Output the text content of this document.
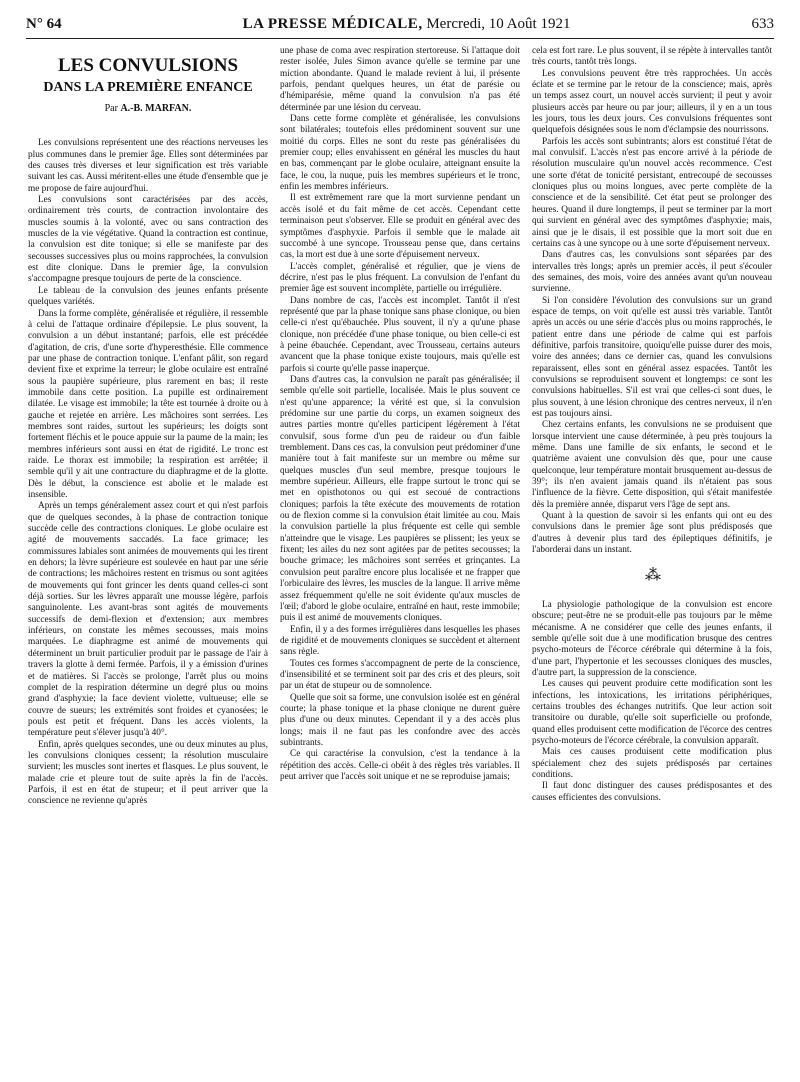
N° 64	LA PRESSE MÉDICALE, Mercredi, 10 Août 1921	633
LES CONVULSIONS
DANS LA PREMIÈRE ENFANCE
Par A.-B. MARFAN.

Les convulsions représentent une des réactions nerveuses les plus communes dans le premier âge. Elles sont déterminées par des causes très diverses et leur signification est très variable suivant les cas. Aussi méritent-elles une étude d'ensemble que je me propose de faire aujourd'hui.

Les convulsions sont caractérisées par des accès, ordinairement très courts, de contraction involontaire des muscles soumis à la volonté, avec ou sans contraction des muscles de la vie végétative. Quand la contraction est continue, la convulsion est dite tonique; si elle se manifeste par des secousses successives plus ou moins rapprochées, la convulsion est dite clonique. Dans le premier âge, la convulsion s'accompagne presque toujours de perte de la conscience.

Le tableau de la convulsion des jeunes enfants présente quelques variétés.

Dans la forme complète, généralisée et régulière, il ressemble à celui de l'attaque ordinaire d'épilepsie. Le plus souvent, la convulsion a un début instantané; parfois, elle est précédée d'agitation, de cris, d'une sorte d'hyperesthésie. Elle commence par une phase de contraction tonique. L'enfant pâlit, son regard devient fixe et exprime la terreur; le globe oculaire est entraîné sous la paupière supérieure, plus rarement en bas; il reste immobile dans cette position. La pupille est ordinairement dilatée. Le visage est immobile; la tête est tournée à droite ou à gauche et rejetée en arrière. Les mâchoires sont serrées. Les membres sont raides, surtout les supérieurs; les doigts sont fortement fléchis et le pouce appuie sur la paume de la main; les membres inférieurs sont aussi en état de rigidité. Le tronc est raide. Le thorax est immobile; la respiration est arrêtée; il semble qu'il y ait une contracture du diaphragme et de la glotte. Dès le début, la conscience est abolie et le malade est insensible.

Après un temps généralement assez court et qui n'est parfois que de quelques secondes, à la phase de contraction tonique succède celle des contractions cloniques. Le globe oculaire est agité de mouvements saccadés. La face grimace; les commissures labiales sont animées de mouvements qui les tirent en dehors; la lèvre supérieure est soulevée en haut par une série de contractions; les mâchoires restent en trismus ou sont agitées de mouvements qui font grincer les dents quand celles-ci sont déjà sorties. Sur les lèvres apparaît une mousse légère, parfois sanguinolente. Les avant-bras sont agités de mouvements successifs de demi-flexion et d'extension; aux membres inférieurs, on constate les mêmes secousses, mais moins marquées. Le diaphragme est animé de mouvements qui déterminent un bruit particulier produit par le passage de l'air à travers la glotte à demi fermée. Parfois, il y a émission d'urines et de matières. Si l'accès se prolonge, l'arrêt plus ou moins complet de la respiration détermine un degré plus ou moins grand d'asphyxie; la face devient violette, vultueuse; elle se couvre de sueurs; les extrémités sont froides et cyanosées; le pouls est petit et fréquent. Dans les accès violents, la température peut s'élever jusqu'à 40°.

Enfin, après quelques secondes, une ou deux minutes au plus, les convulsions cloniques cessent; la résolution musculaire survient; les muscles sont inertes et flasques. Le plus souvent, le malade crie et pleure tout de suite après la fin de l'accès. Parfois, il est en état de stupeur; et il peut arriver que la conscience ne revienne qu'après

une phase de coma avec respiration stertoreuse. Si l'attaque doit rester isolée, Jules Simon avance qu'elle se termine par une miction abondante. Quand le malade revient à lui, il présente parfois, pendant quelques heures, un état de parésie ou d'hémiparésie, même quand la convulsion n'a pas été déterminée par une lésion du cerveau.

Dans cette forme complète et généralisée, les convulsions sont bilatérales; toutefois elles prédominent souvent sur une moitié du corps. Elles ne sont du reste pas généralisées du premier coup; elles envahissent en général les muscles du haut en bas, commençant par le globe oculaire, atteignant ensuite la face, le cou, la nuque, puis les membres supérieurs et le tronc, enfin les membres inférieurs.

Il est extrêmement rare que la mort survienne pendant un accès isolé et du fait même de cet accès. Cependant cette terminaison peut s'observer. Elle se produit en général avec des symptômes d'asphyxie. Parfois il semble que le malade ait succombé à une syncope. Trousseau pense que, dans certains cas, la mort est due à une sorte d'épuisement nerveux.

L'accès complet, généralisé et régulier, que je viens de décrire, n'est pas le plus fréquent. La convulsion de l'enfant du premier âge est souvent incomplète, partielle ou irrégulière.

Dans nombre de cas, l'accès est incomplet. Tantôt il n'est représenté que par la phase tonique sans phase clonique, ou bien celle-ci n'est qu'ébauchée. Plus souvent, il n'y a qu'une phase clonique, non précédée d'une phase tonique, ou bien celle-ci est à peine ébauchée. Cependant, avec Trousseau, certains auteurs avancent que la phase tonique existe toujours, mais qu'elle est parfois si courte qu'elle passe inaperçue.

Dans d'autres cas, la convulsion ne paraît pas généralisée; il semble qu'elle soit partielle, localisée. Mais le plus souvent ce n'est qu'une apparence; la vérité est que, si la convulsion prédomine sur une partie du corps, un examen soigneux des autres parties montre qu'elles participent légèrement à l'état convulsif, sous forme d'un peu de raideur ou d'un faible tremblement. Dans ces cas, la convulsion peut prédominer d'une manière tout à fait manifeste sur un membre ou même sur quelques muscles d'un seul membre, presque toujours le membre supérieur. Ailleurs, elle frappe surtout le tronc qui se met en opisthotonos ou qui est secoué de contractions cloniques; parfois la tête exécute des mouvements de rotation ou de flexion comme si la convulsion était limitée au cou. Mais la convulsion partielle la plus fréquente est celle qui semble n'atteindre que le visage. Les paupières se plissent; les yeux se fixent; les ailes du nez sont agitées par de petites secousses; la bouche grimace; les mâchoires sont serrées et grinçantes. La convulsion peut paraître encore plus localisée et ne frapper que l'orbiculaire des lèvres, les muscles de la langue. Il arrive même assez fréquemment qu'elle ne soit évidente qu'aux muscles de l'œil; d'abord le globe oculaire, entraîné en haut, reste immobile; puis il est animé de mouvements cloniques.

Enfin, il y a des formes irrégulières dans lesquelles les phases de rigidité et de mouvements cloniques se succèdent et alternent sans règle.

Toutes ces formes s'accompagnent de perte de la conscience, d'insensibilité et se terminent soit par des cris et des pleurs, soit par un état de stupeur ou de somnolence.

Quelle que soit sa forme, une convulsion isolée est en général courte; la phase tonique et la phase clonique ne durent guère plus d'une ou deux minutes. Cependant il y a des accès plus longs; mais il ne faut pas les confondre avec des accès subintrants.

Ce qui caractérise la convulsion, c'est la tendance à la répétition des accès. Celle-ci obéit à des règles très variables. Il peut arriver que l'accès soit unique et ne se reproduise jamais;

cela est fort rare. Le plus souvent, il se répète à intervalles tantôt très courts, tantôt très longs.

Les convulsions peuvent être très rapprochées. Un accès éclate et se termine par le retour de la conscience; mais, après un temps assez court, un nouvel accès survient; il peut y avoir plusieurs accès par heure ou par jour; ailleurs, il y en a un tous les jours, tous les deux jours. Ces convulsions fréquentes sont quelquefois désignées sous le nom d'éclampsie des nourrissons.

Parfois les accès sont subintrants; alors est constitué l'état de mal convulsif. L'accès n'est pas encore arrivé à la période de résolution musculaire qu'un nouvel accès recommence. C'est une sorte d'état de tonicité persistant, entrecoupé de secousses cloniques plus ou moins longues, avec perte complète de la conscience et de la sensibilité. Cet état peut se prolonger des heures. Quand il dure longtemps, il peut se terminer par la mort qui survient en général avec des symptômes d'asphyxie; mais, ainsi que je le disais, il est possible que la mort soit due en certains cas à une syncope ou à une sorte d'épuisement nerveux.

Dans d'autres cas, les convulsions sont séparées par des intervalles très longs; après un premier accès, il peut s'écouler des semaines, des mois, voire des années avant qu'un nouveau survienne.

Si l'on considère l'évolution des convulsions sur un grand espace de temps, on voit qu'elle est aussi très variable. Tantôt après un accès ou une série d'accès plus ou moins rapprochés, le patient entre dans une période de calme qui est parfois définitive, parfois transitoire, quoiqu'elle puisse durer des mois, voire des années; dans ce dernier cas, quand les convulsions reparaissent, elles sont en général assez espacées. Tantôt les convulsions se reproduisent souvent et longtemps: ce sont les convulsions habituelles. S'il est vrai que celles-ci sont dues, le plus souvent, à une lésion chronique des centres nerveux, il n'en est pas toujours ainsi.

Chez certains enfants, les convulsions ne se produisent que lorsque intervient une cause déterminée, à peu près toujours la même. Dans une famille de six enfants, le second et le quatrième avaient une convulsion dès que, pour une cause quelconque, leur température montait brusquement au-dessus de 39°; ils n'en avaient jamais quand ils n'étaient pas sous l'influence de la fièvre. Cette disposition, qui s'était manifestée dès la première année, disparut vers l'âge de sept ans.

Quant à la question de savoir si les enfants qui ont eu des convulsions dans le premier âge sont plus prédisposés que d'autres à devenir plus tard des épileptiques définitifs, je l'aborderai dans un instant.

⁂

La physiologie pathologique de la convulsion est encore obscure; peut-être ne se produit-elle pas toujours par le même mécanisme. A ne considérer que celle des jeunes enfants, il semble qu'elle soit due à une modification brusque des centres psycho-moteurs de l'écorce cérébrale qui détermine à la fois, d'une part, l'hypertonie et les secousses cloniques des muscles, d'autre part, la suppression de la conscience.

Les causes qui peuvent produire cette modification sont les infections, les intoxications, les irritations périphériques, certains troubles des échanges nutritifs. Que leur action soit transitoire ou durable, qu'elle soit superficielle ou profonde, quand elles produisent cette modification de l'écorce des centres psycho-moteurs de l'écorce cérébrale, la convulsion apparaît.

Mais ces causes produisent cette modification plus spécialement chez des sujets prédisposés par certaines conditions.

Il faut donc distinguer des causes prédisposantes et des causes efficientes des convulsions.
